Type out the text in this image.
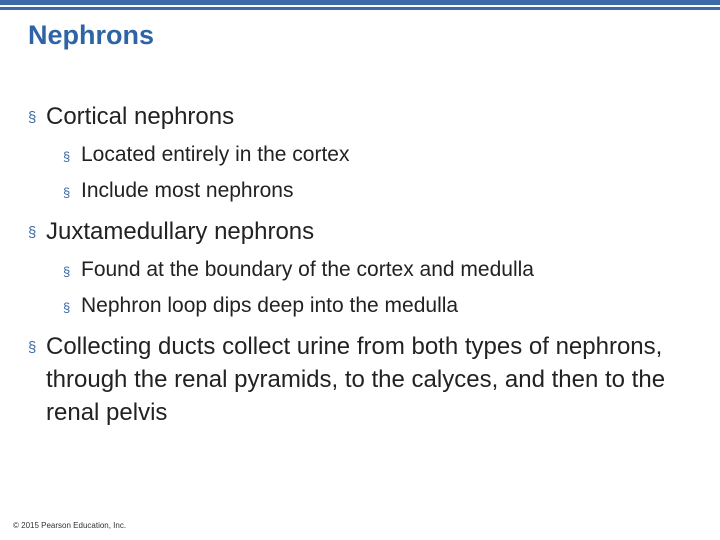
Nephrons

§ Cortical nephrons

§ Located entirely in the cortex

§ Include most nephrons

§ Juxtamedullary nephrons

§ Found at the boundary of the cortex and medulla

§ Nephron loop dips deep into the medulla

§ Collecting ducts collect urine from both types of nephrons, through the renal pyramids, to the calyces, and then to the renal pelvis

© 2015 Pearson Education, Inc.
